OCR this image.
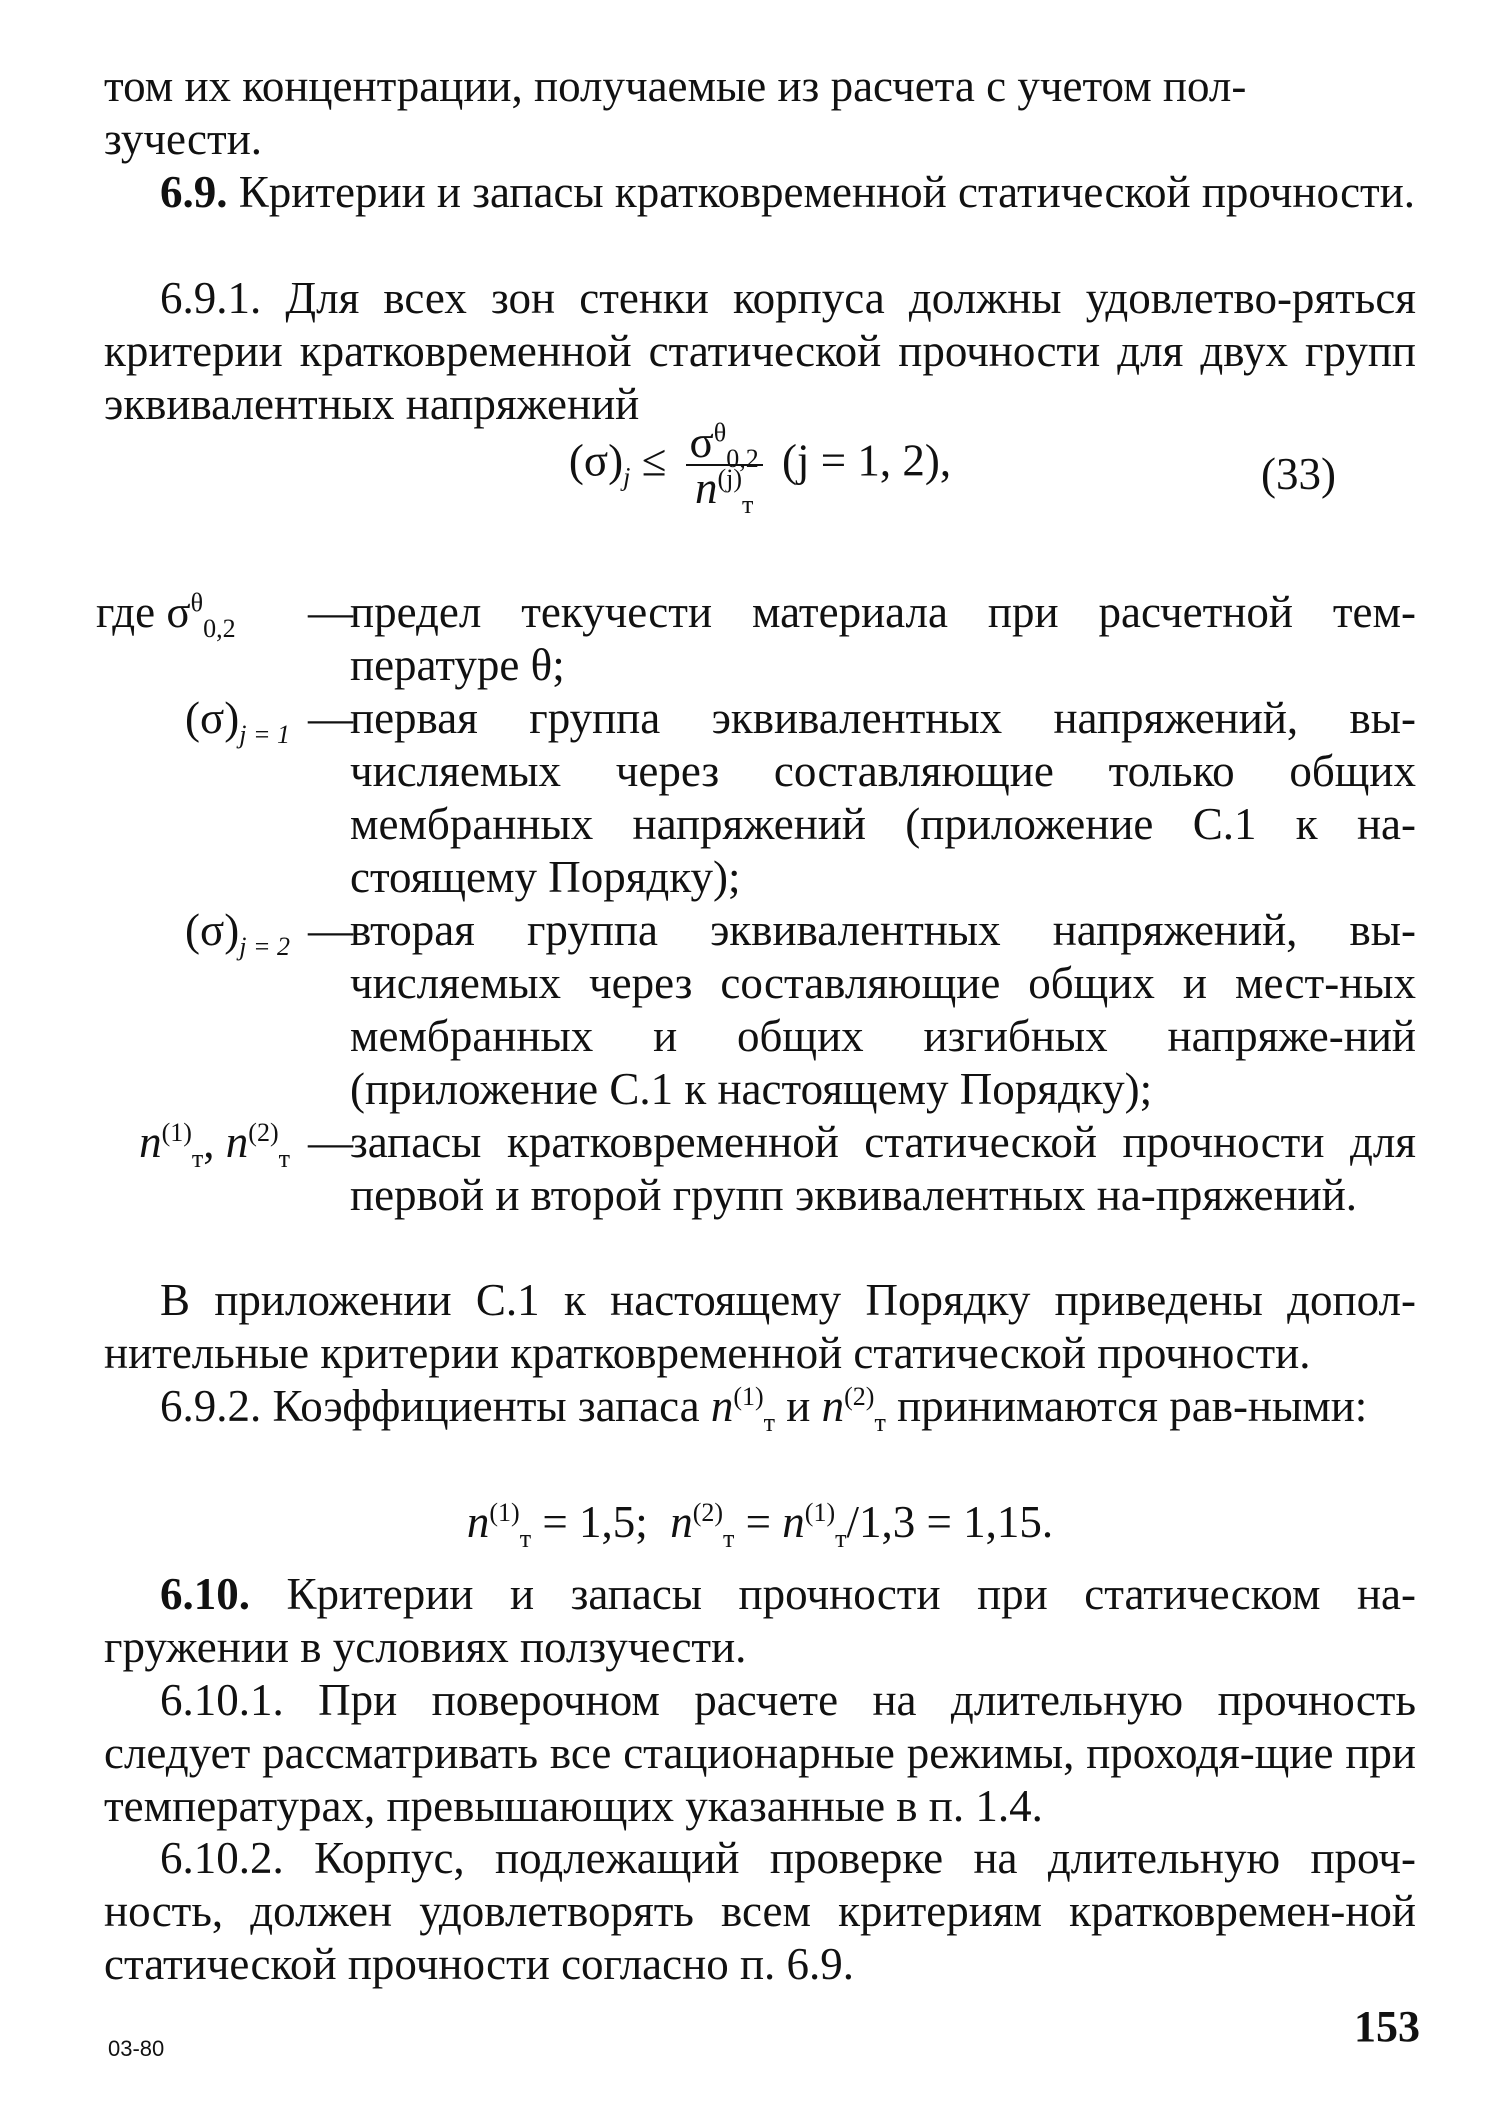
том их концентрации, получаемые из расчета с учетом пол-
зучести.

6.9. Критерии и запасы кратковременной статической прочности.

6.9.1. Для всех зон стенки корпуса должны удовлетво-ряться критерии кратковременной статической прочности для двух групп эквивалентных напряжений

$(\sigma)_j \le \frac{\sigma^\theta_{0,2}}{n^{(j)}_т} (j = 1$, 2),	(33)
где $\sigma^\theta_{0,2}$	—
предел текучести материала при расчетной тем-пературе θ;
$(\sigma)_{j = 1}$ —
первая группа эквивалентных напряжений, вы-числяемых через составляющие только общих мембранных напряжений (приложение С.1 к на-стоящему Порядку);
$(\sigma)_{j = 2}$ —
вторая группа эквивалентных напряжений, вы-числяемых через составляющие общих и мест-ных мембранных и общих изгибных напряже-ний (приложение С.1 к настоящему Порядку);
$n^{(1)}_т$, $n^{(2)}_т$ —
запасы кратковременной статической прочности для первой и второй групп эквивалентных на-пряжений.

В приложении С.1 к настоящему Порядку приведены допол-нительные критерии кратковременной статической прочности.

6.9.2. Коэффициенты запаса $n^{(1)}_т$ и $n^{(2)}_т$ принимаются рав-ными:

$n^{(1)}_т = 1,5$;  $n^{(2)}_т = n^{(1)}_т/1,3 = 1,15$.

6.10. Критерии и запасы прочности при статическом на-гружении в условиях ползучести.

6.10.1. При поверочном расчете на длительную прочность следует рассматривать все стационарные режимы, проходя-щие при температурах, превышающих указанные в п. 1.4.

6.10.2. Корпус, подлежащий проверке на длительную проч-ность, должен удовлетворять всем критериям кратковремен-ной статической прочности согласно п. 6.9.

03-80	153
